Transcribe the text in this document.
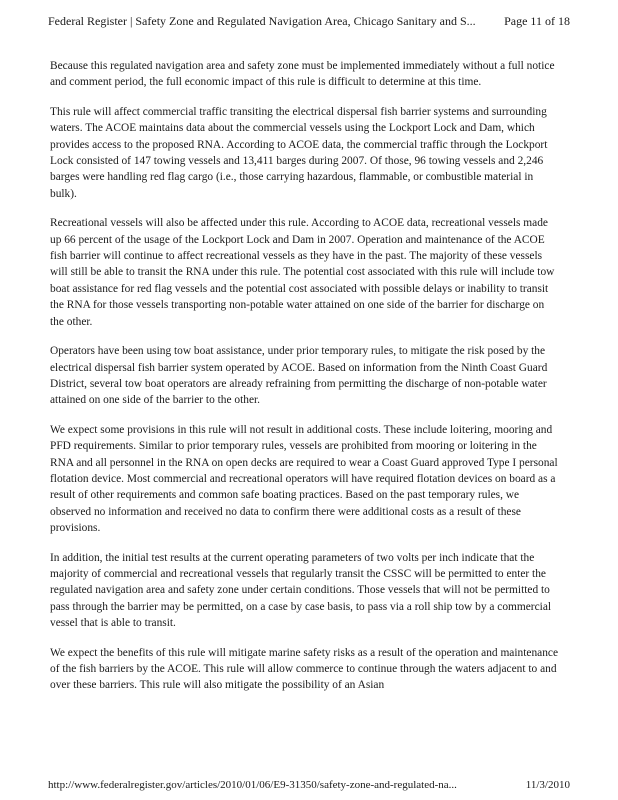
Federal Register | Safety Zone and Regulated Navigation Area, Chicago Sanitary and S... Page 11 of 18

Because this regulated navigation area and safety zone must be implemented immediately without a full notice and comment period, the full economic impact of this rule is difficult to determine at this time.

This rule will affect commercial traffic transiting the electrical dispersal fish barrier systems and surrounding waters. The ACOE maintains data about the commercial vessels using the Lockport Lock and Dam, which provides access to the proposed RNA. According to ACOE data, the commercial traffic through the Lockport Lock consisted of 147 towing vessels and 13,411 barges during 2007. Of those, 96 towing vessels and 2,246 barges were handling red flag cargo (i.e., those carrying hazardous, flammable, or combustible material in bulk).

Recreational vessels will also be affected under this rule. According to ACOE data, recreational vessels made up 66 percent of the usage of the Lockport Lock and Dam in 2007. Operation and maintenance of the ACOE fish barrier will continue to affect recreational vessels as they have in the past. The majority of these vessels will still be able to transit the RNA under this rule. The potential cost associated with this rule will include tow boat assistance for red flag vessels and the potential cost associated with possible delays or inability to transit the RNA for those vessels transporting non-potable water attained on one side of the barrier for discharge on the other.

Operators have been using tow boat assistance, under prior temporary rules, to mitigate the risk posed by the electrical dispersal fish barrier system operated by ACOE. Based on information from the Ninth Coast Guard District, several tow boat operators are already refraining from permitting the discharge of non-potable water attained on one side of the barrier to the other.

We expect some provisions in this rule will not result in additional costs. These include loitering, mooring and PFD requirements. Similar to prior temporary rules, vessels are prohibited from mooring or loitering in the RNA and all personnel in the RNA on open decks are required to wear a Coast Guard approved Type I personal flotation device. Most commercial and recreational operators will have required flotation devices on board as a result of other requirements and common safe boating practices. Based on the past temporary rules, we observed no information and received no data to confirm there were additional costs as a result of these provisions.

In addition, the initial test results at the current operating parameters of two volts per inch indicate that the majority of commercial and recreational vessels that regularly transit the CSSC will be permitted to enter the regulated navigation area and safety zone under certain conditions. Those vessels that will not be permitted to pass through the barrier may be permitted, on a case by case basis, to pass via a roll ship tow by a commercial vessel that is able to transit.

We expect the benefits of this rule will mitigate marine safety risks as a result of the operation and maintenance of the fish barriers by the ACOE. This rule will allow commerce to continue through the waters adjacent to and over these barriers. This rule will also mitigate the possibility of an Asian

http://www.federalregister.gov/articles/2010/01/06/E9-31350/safety-zone-and-regulated-na...	11/3/2010
